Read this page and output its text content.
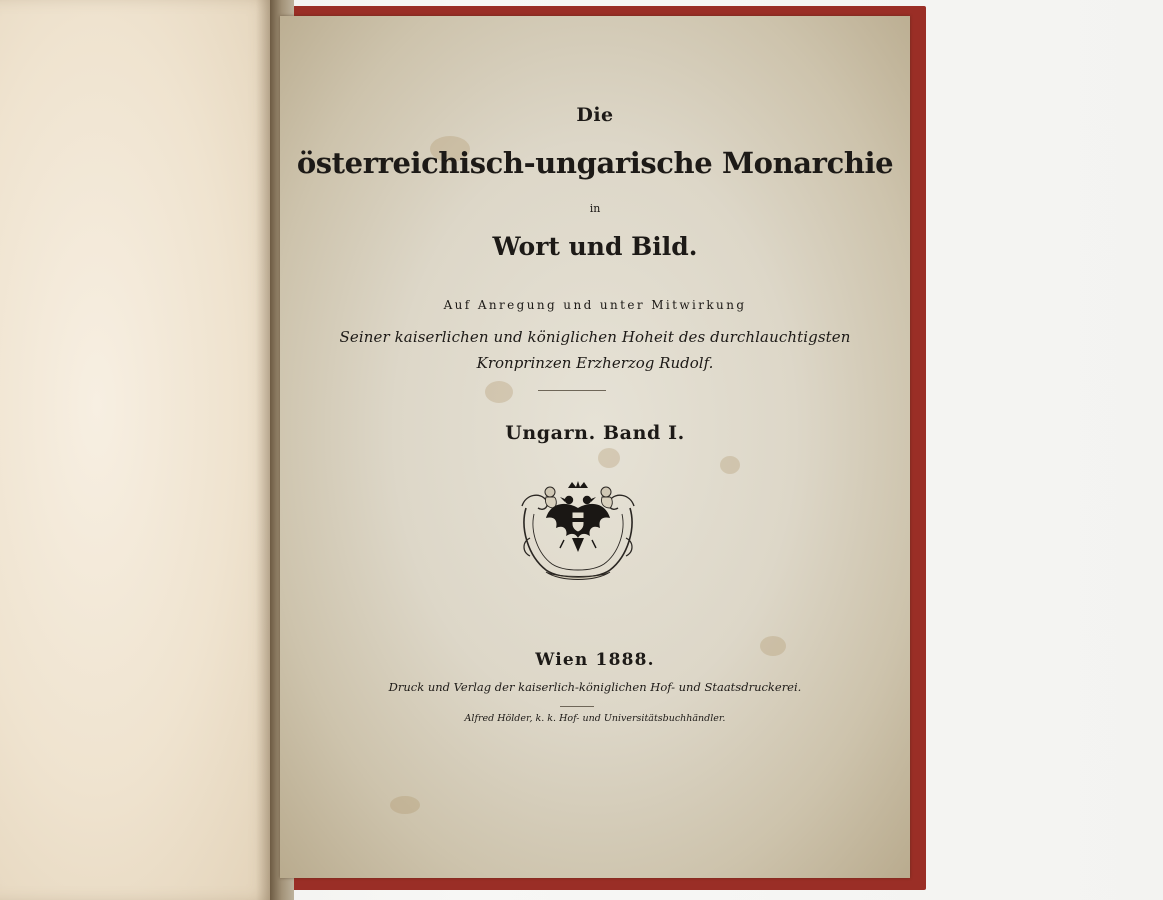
Die
österreichisch-ungarische Monarchie
in
Wort und Bild.
Auf Anregung und unter Mitwirkung
Seiner kaiserlichen und königlichen Hoheit des durchlauchtigsten
Kronprinzen Erzherzog Rudolf.
Ungarn. Band I.
Wien 1888.
Druck und Verlag der kaiserlich-königlichen Hof- und Staatsdruckerei.
Alfred Hölder, k. k. Hof- und Universitätsbuchhändler.
